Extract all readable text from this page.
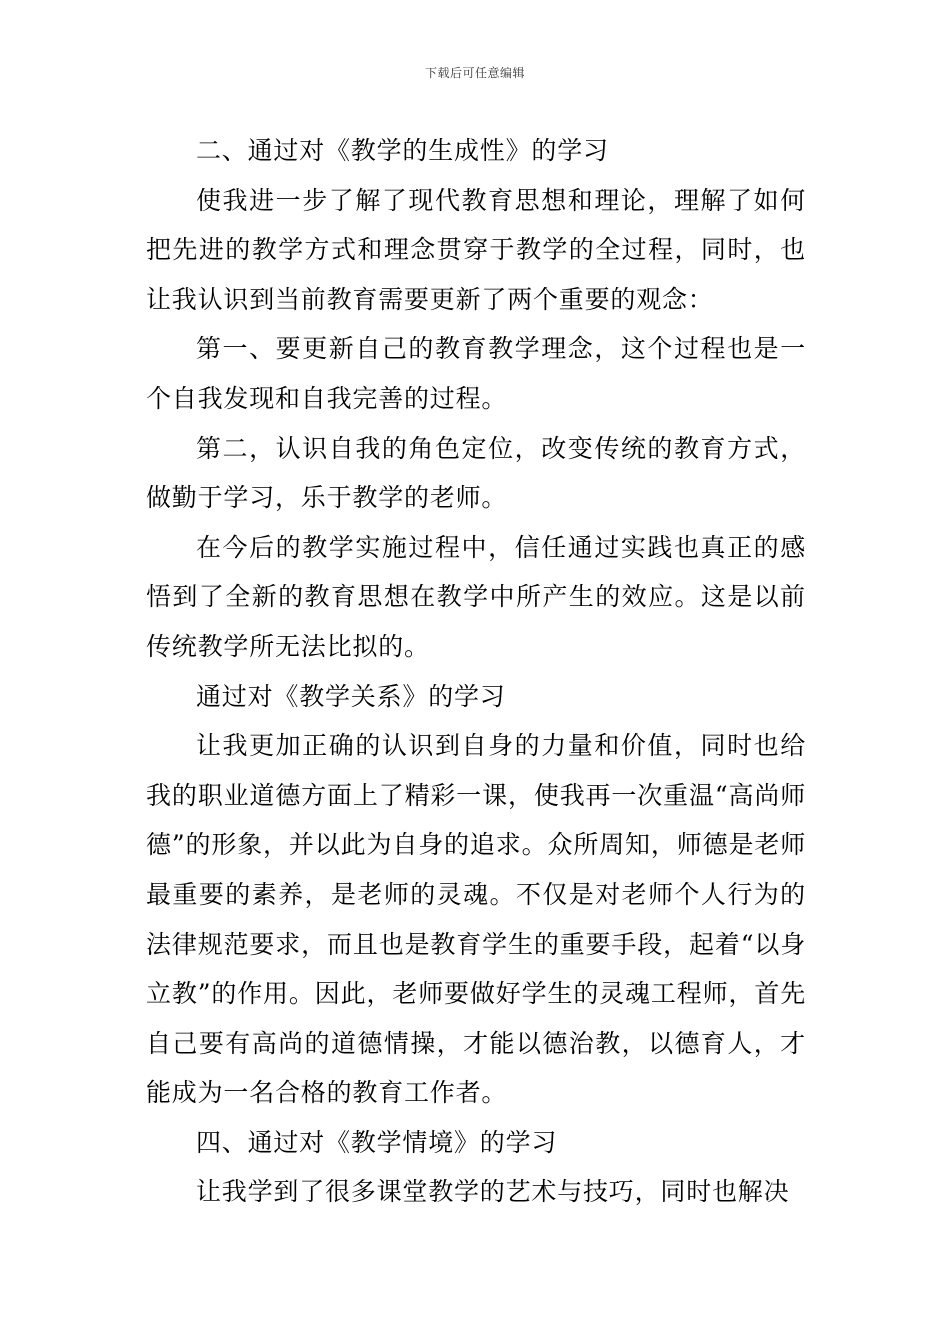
下载后可任意编辑

二、通过对《教学的生成性》的学习

使我进一步了解了现代教育思想和理论，理解了如何把先进的教学方式和理念贯穿于教学的全过程，同时，也让我认识到当前教育需要更新了两个重要的观念：

第一、要更新自己的教育教学理念，这个过程也是一个自我发现和自我完善的过程。

第二，认识自我的角色定位，改变传统的教育方式，做勤于学习，乐于教学的老师。

在今后的教学实施过程中，信任通过实践也真正的感悟到了全新的教育思想在教学中所产生的效应。这是以前传统教学所无法比拟的。

通过对《教学关系》的学习

让我更加正确的认识到自身的力量和价值，同时也给我的职业道德方面上了精彩一课，使我再一次重温“高尚师德”的形象，并以此为自身的追求。众所周知，师德是老师最重要的素养，是老师的灵魂。不仅是对老师个人行为的法律规范要求，而且也是教育学生的重要手段，起着“以身立教”的作用。因此，老师要做好学生的灵魂工程师，首先自己要有高尚的道德情操，才能以德治教，以德育人，才能成为一名合格的教育工作者。

四、通过对《教学情境》的学习

让我学到了很多课堂教学的艺术与技巧，同时也解决
